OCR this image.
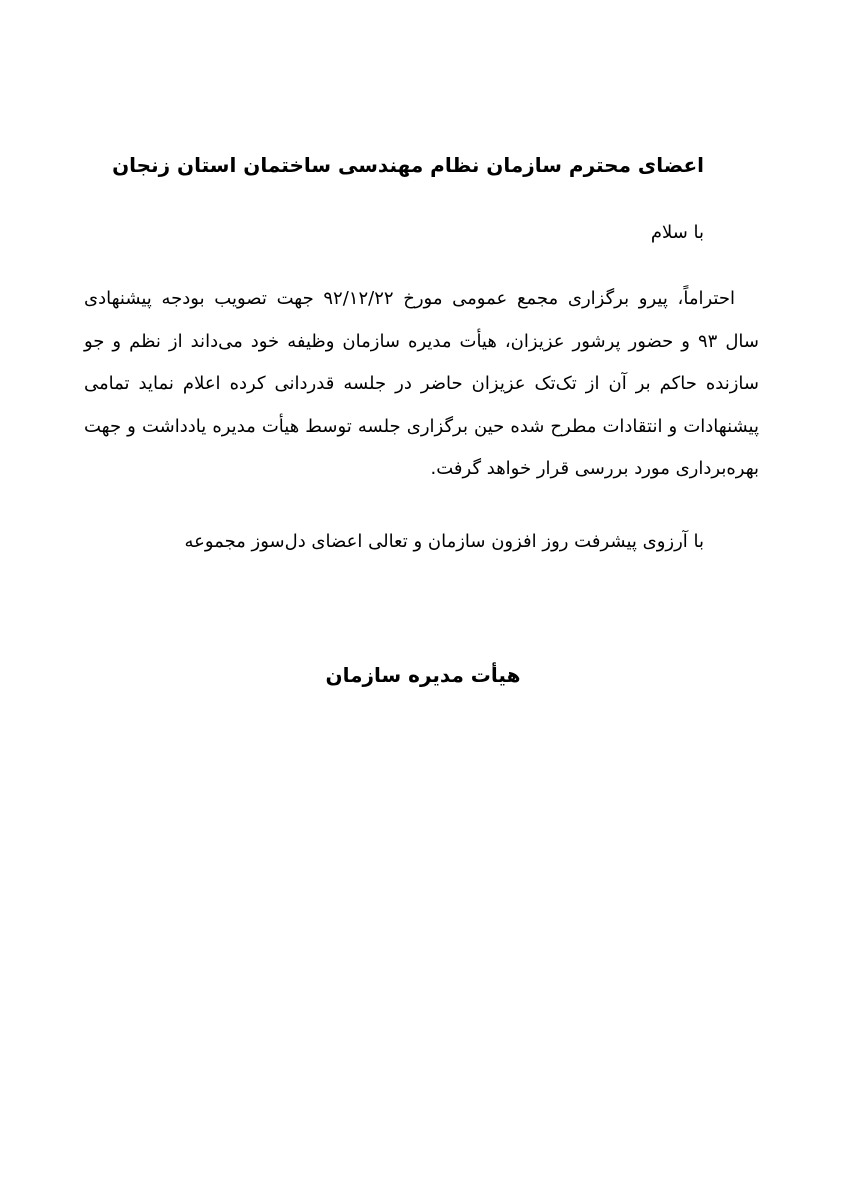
اعضای محترم سازمان نظام مهندسی ساختمان استان زنجان
با سلام
احتراماً، پیرو برگزاری مجمع عمومی مورخ ۹۲/۱۲/۲۲ جهت تصویب بودجه پیشنهادی
سال ۹۳ و حضور پرشور عزیزان، هیأت مدیره سازمان وظیفه خود می‌داند از نظم و جو
سازنده حاکم بر آن از تک‌تک عزیزان حاضر در جلسه قدردانی کرده اعلام نماید تمامی
پیشنهادات و انتقادات مطرح شده حین برگزاری جلسه توسط هیأت مدیره یادداشت و جهت
بهره‌برداری مورد بررسی قرار خواهد گرفت.
با آرزوی پیشرفت روز افزون سازمان و تعالی اعضای دل‌سوز مجموعه
هیأت مدیره سازمان
